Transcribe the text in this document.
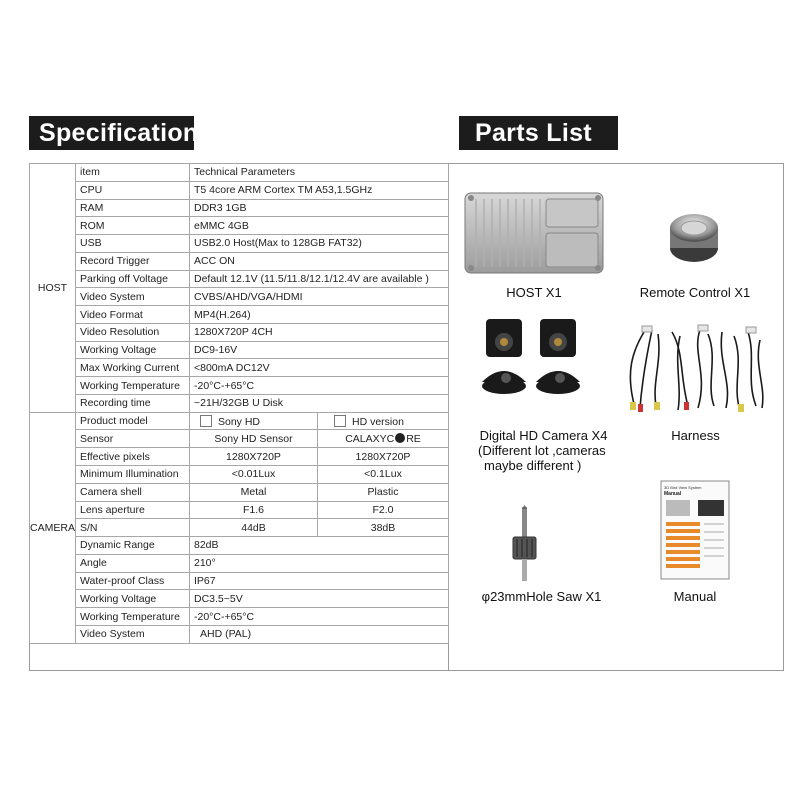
Specification	Parts List
HOST	item	Technical Parameters	
	CPU	T5 4core ARM Cortex TM A53,1.5GHz	
	RAM	DDR3 1GB	
	ROM	eMMC 4GB	
	USB	USB2.0 Host(Max to 128GB FAT32)	
	Record Trigger	ACC ON	
	Parking off Voltage	Default 12.1V (11.5/11.8/12.1/12.4V are available )	
	Video System	CVBS/AHD/VGA/HDMI	
	Video Format	MP4(H.264)	
	Video Resolution	1280X720P 4CH	
	Working Voltage	DC9-16V	
	Max Working Current	<800mA DC12V	
	Working Temperature	-20°C-+65°C	
	Recording time	~21H/32GB U Disk	
CAMERA	Product model	Sony HD	HD version
	Sensor	Sony HD Sensor	CALAXYC RE
	Effective pixels	1280X720P	1280X720P
	Minimum Illumination	<0.01Lux	<0.1Lux
	Camera shell	Metal	Plastic
	Lens aperture	F1.6	F2.0
	S/N	44dB	38dB
	Dynamic Range	82dB	
	Angle	210°	
	Water-proof Class	IP67	
	Working Voltage	DC3.5~5V	
	Working Temperature	-20°C-+65°C	
	Video System	AHD (PAL)	
HOST X1	Remote Control X1
Digital HD Camera X4
(Different lot ,cameras
maybe different )
Harness
φ23mmHole Saw X1
3D Bird View System
Manual
Manual
